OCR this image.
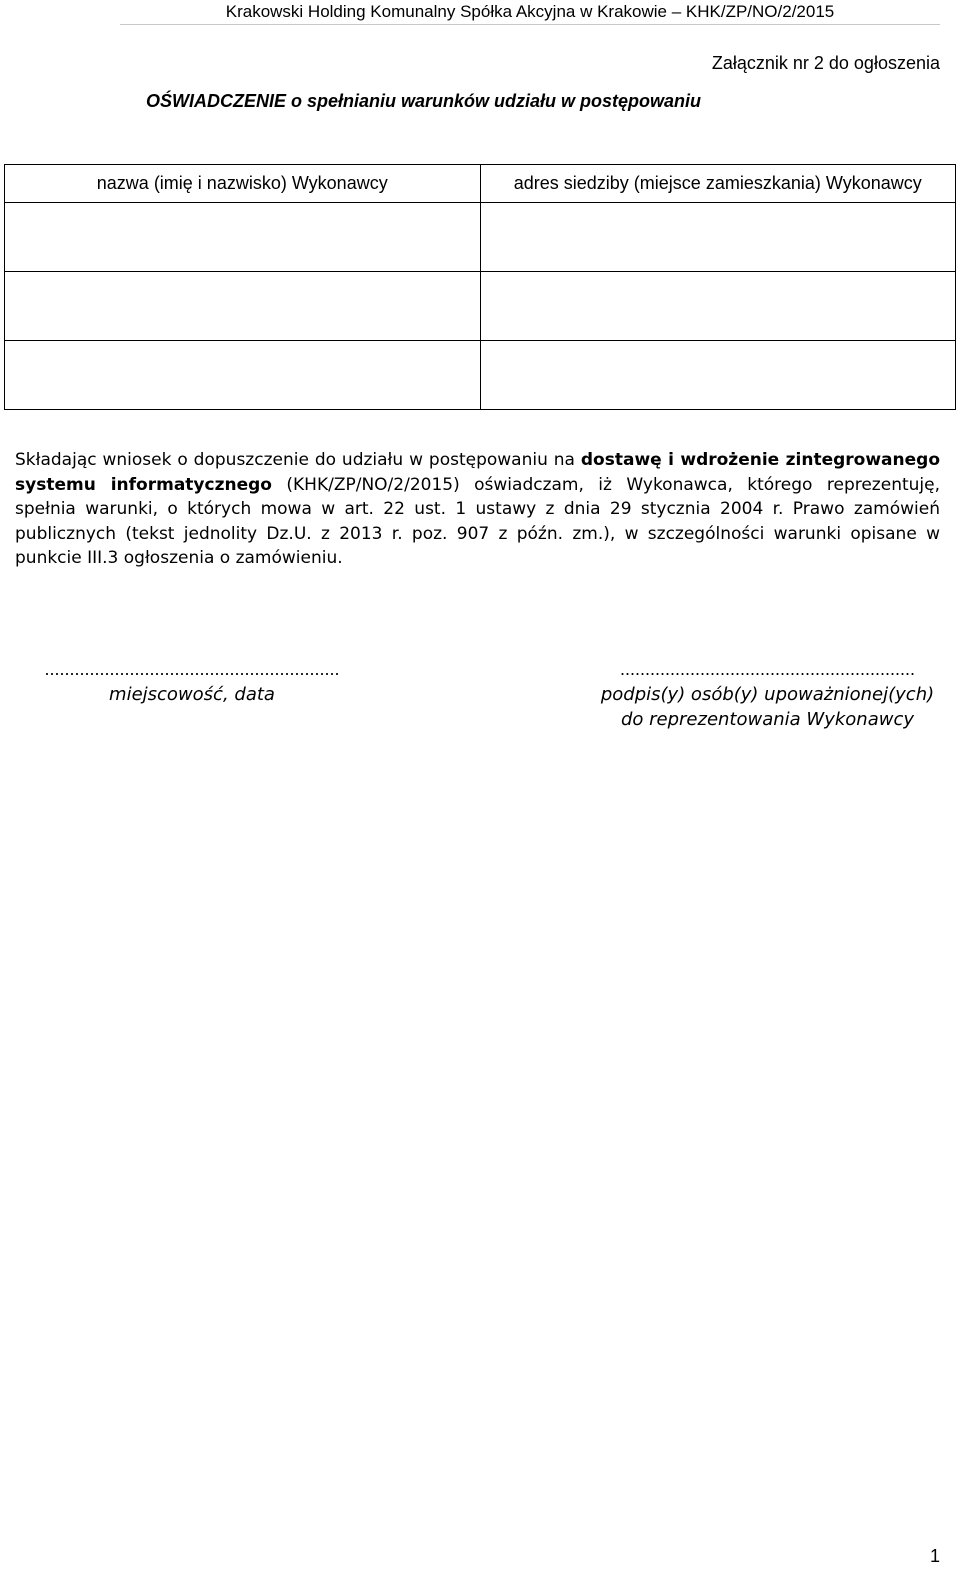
Krakowski Holding Komunalny Spółka Akcyjna w Krakowie – KHK/ZP/NO/2/2015
Załącznik nr 2 do ogłoszenia
OŚWIADCZENIE o spełnianiu warunków udziału w postępowaniu
nazwa (imię i nazwisko) Wykonawcy	adres siedziby (miejsce zamieszkania) Wykonawcy

Składając wniosek o dopuszczenie do udziału w postępowaniu na dostawę i wdrożenie zintegrowanego systemu informatycznego (KHK/ZP/NO/2/2015) oświadczam, iż Wykonawca, którego reprezentuję, spełnia warunki, o których mowa w art. 22 ust. 1 ustawy z dnia 29 stycznia 2004 r. Prawo zamówień publicznych (tekst jednolity Dz.U. z 2013 r. poz. 907 z późn. zm.), w szczególności warunki opisane w punkcie III.3 ogłoszenia o zamówieniu.

...........................................................
miejscowość, data
...........................................................
podpis(y) osób(y) upoważnionej(ych)
do reprezentowania Wykonawcy
1
